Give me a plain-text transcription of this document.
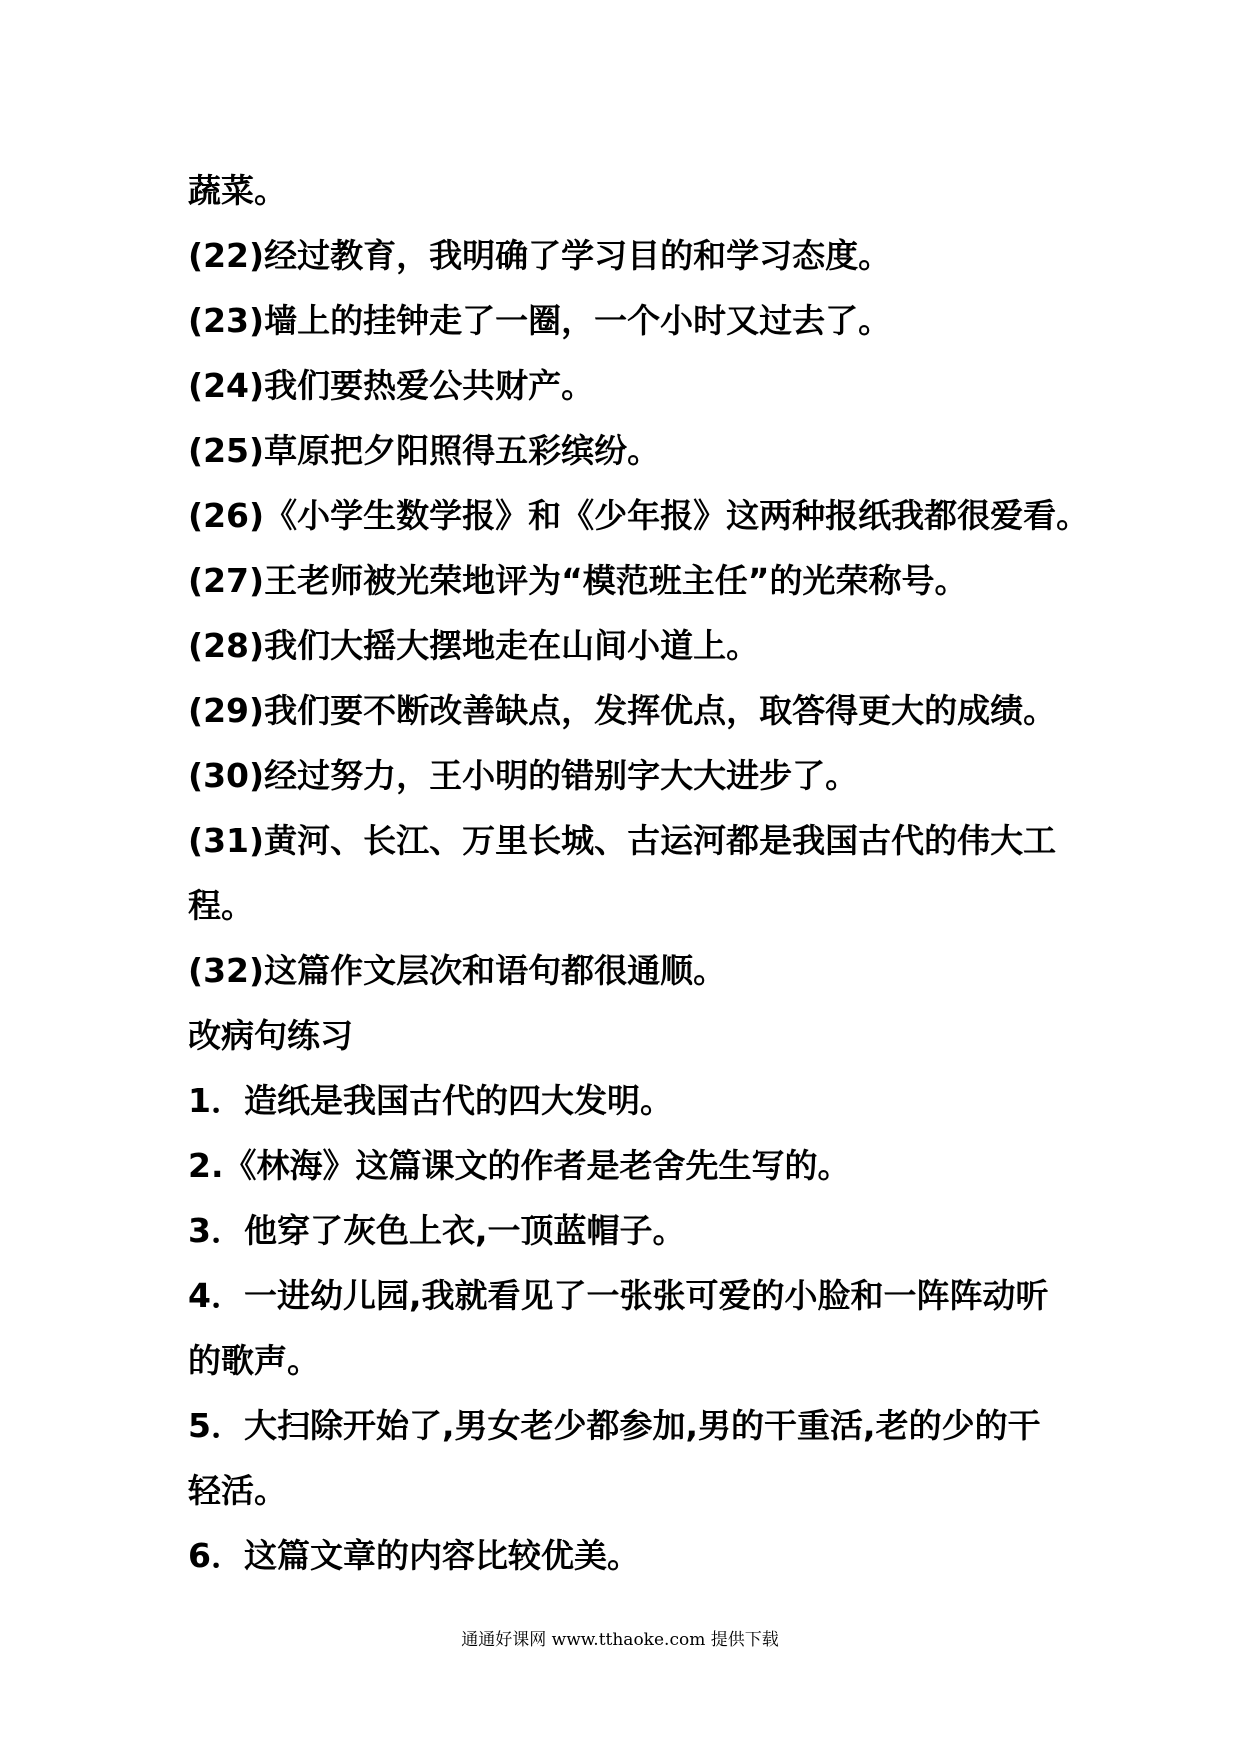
蔬菜。
(22)经过教育，我明确了学习目的和学习态度。
(23)墙上的挂钟走了一圈，一个小时又过去了。
(24)我们要热爱公共财产。
(25)草原把夕阳照得五彩缤纷。
(26)《小学生数学报》和《少年报》这两种报纸我都很爱看。
(27)王老师被光荣地评为“模范班主任”的光荣称号。
(28)我们大摇大摆地走在山间小道上。
(29)我们要不断改善缺点，发挥优点，取答得更大的成绩。
(30)经过努力，王小明的错别字大大进步了。
(31)黄河、长江、万里长城、古运河都是我国古代的伟大工
程。
(32)这篇作文层次和语句都很通顺。
改病句练习
1．造纸是我国古代的四大发明。
2.《林海》这篇课文的作者是老舍先生写的。
3．他穿了灰色上衣,一顶蓝帽子。
4．一进幼儿园,我就看见了一张张可爱的小脸和一阵阵动听
的歌声。
5．大扫除开始了,男女老少都参加,男的干重活,老的少的干
轻活。
6．这篇文章的内容比较优美。
通通好课网 www.tthaoke.com 提供下载
